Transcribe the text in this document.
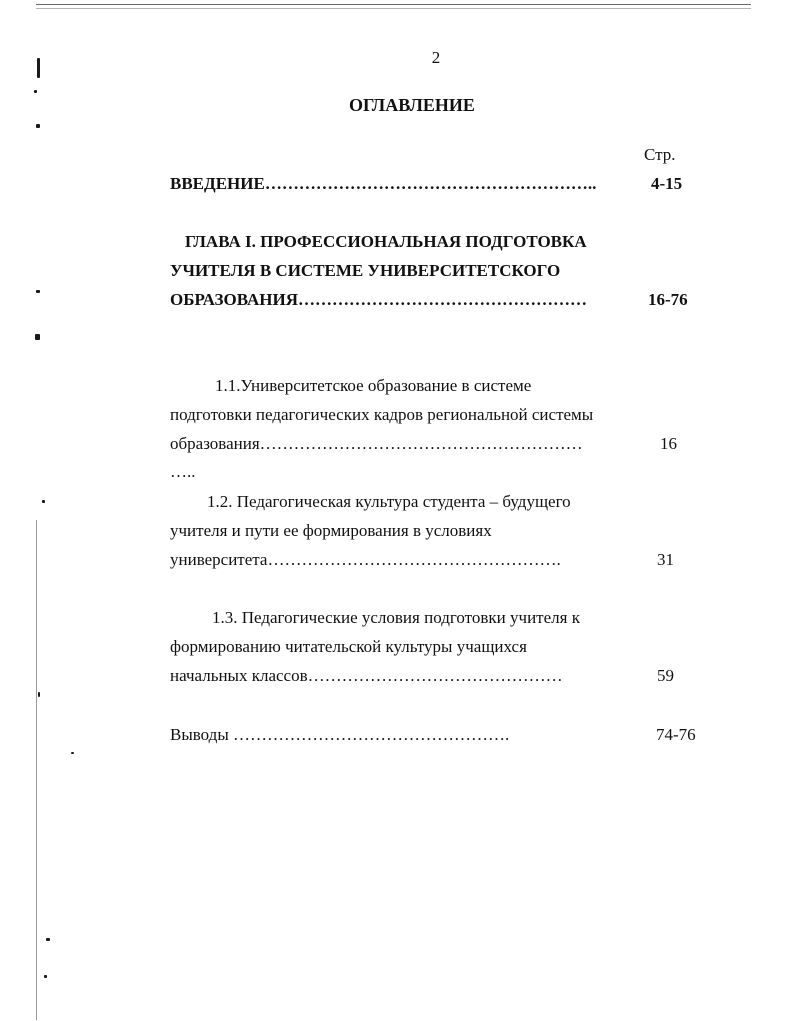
2
ОГЛАВЛЕНИЕ
Стр.
ВВЕДЕНИЕ…………………………………………………..	4-15
ГЛАВА I. ПРОФЕССИОНАЛЬНАЯ ПОДГОТОВКА
УЧИТЕЛЯ В СИСТЕМЕ УНИВЕРСИТЕТСКОГО
ОБРАЗОВАНИЯ……………………………………………	16-76
1.1.Университетское образование в системе
подготовки педагогических кадров региональной системы
образования…………………………………………………	16
…..
1.2. Педагогическая культура студента – будущего
учителя и пути ее формирования в условиях
университета…………………………………………….	31
1.3. Педагогические условия подготовки учителя к
формированию читательской культуры учащихся
начальных классов………………………………………	59
Выводы ………………………………………….	74-76
